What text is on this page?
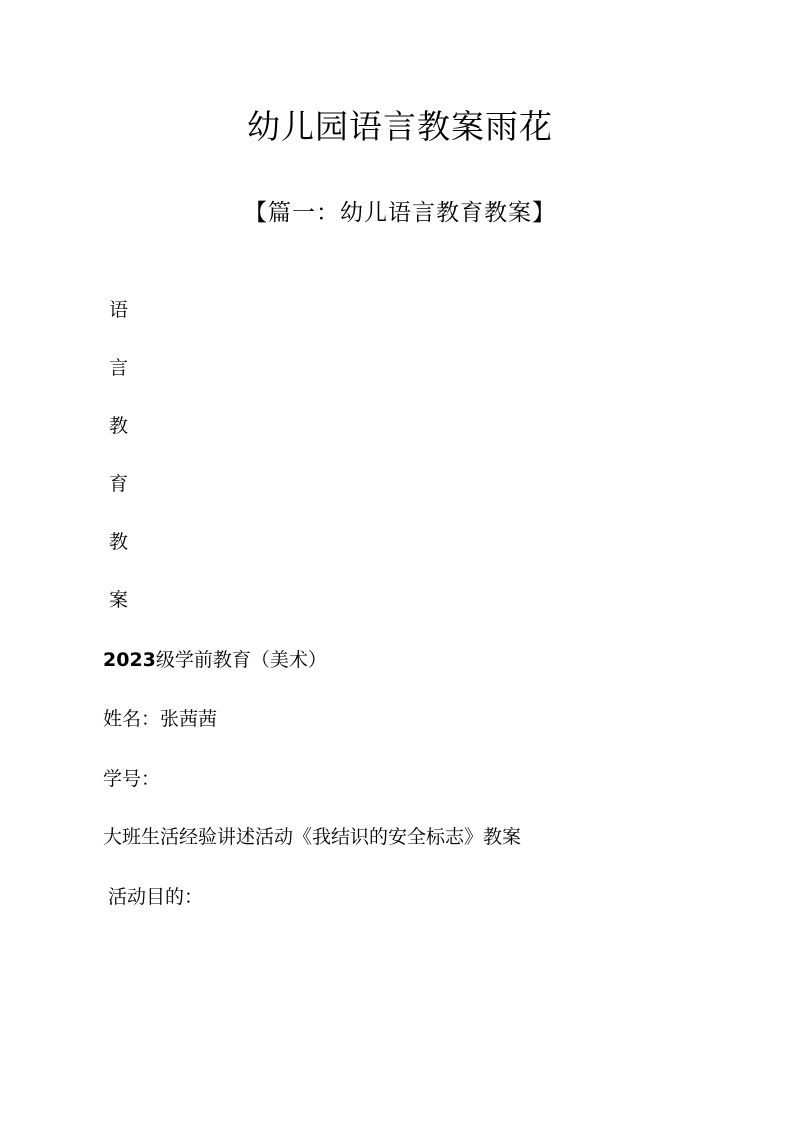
幼儿园语言教案雨花
【篇一：幼儿语言教育教案】
语
言
教
育
教
案
2023级学前教育（美术）
姓名：张茜茜
学号：
大班生活经验讲述活动《我结识的安全标志》教案
活动目的：
